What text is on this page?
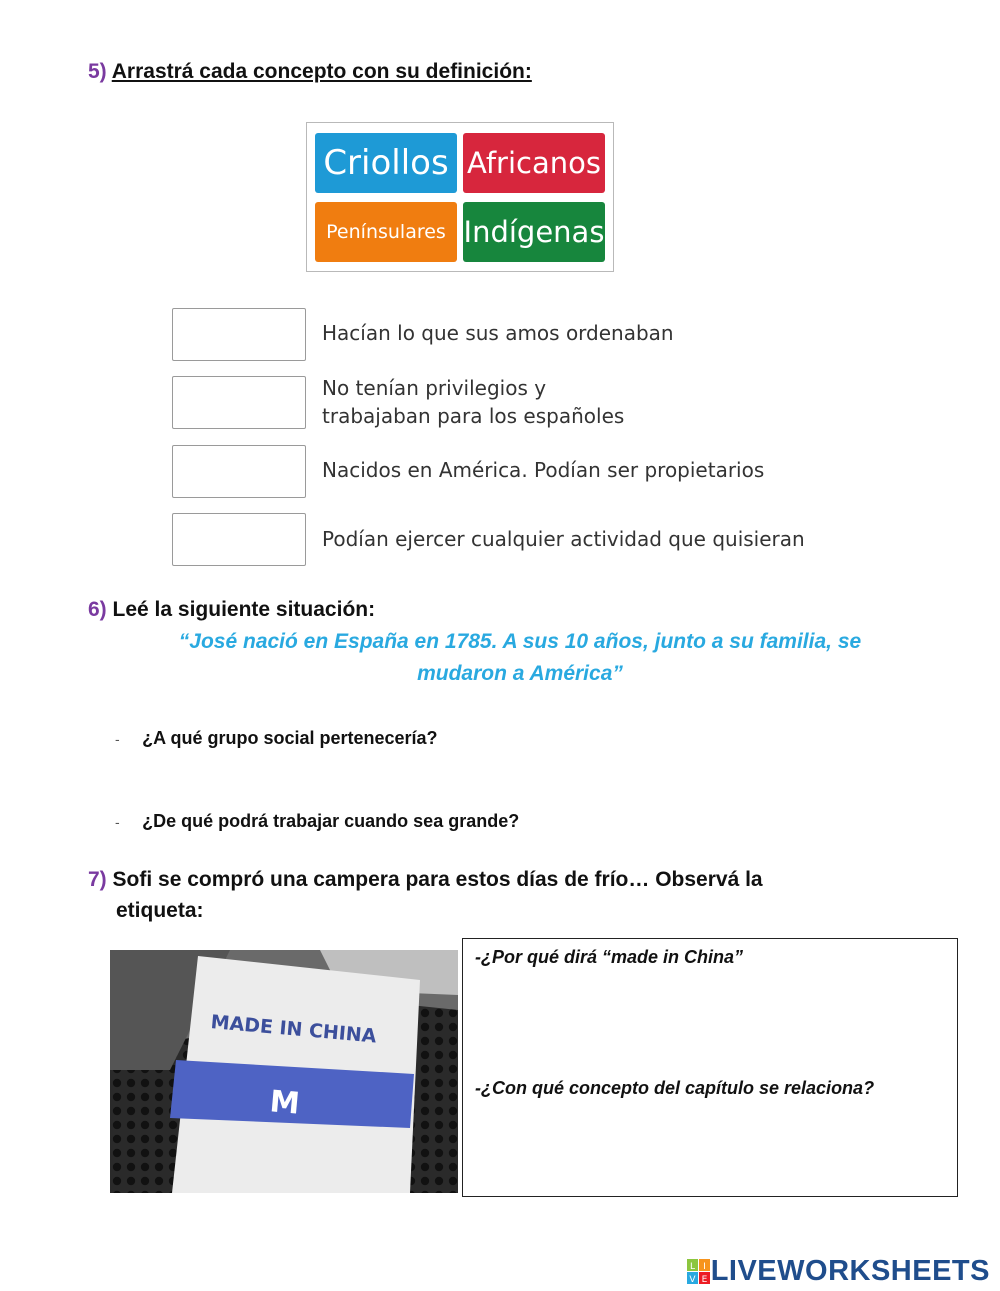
5) Arrastrá cada concepto con su definición:
Criollos Africanos
Penínsulares Indígenas
Hacían lo que sus amos ordenaban
No tenían privilegios y
trabajaban para los españoles
Nacidos en América. Podían ser propietarios
Podían ejercer cualquier actividad que quisieran
6) Leé la siguiente situación:
“José nació en España en 1785. A sus 10 años, junto a su familia, se
mudaron a América”
- ¿A qué grupo social pertenecería?
- ¿De qué podrá trabajar cuando sea grande?
7) Sofi se compró una campera para estos días de frío… Observá la
etiqueta:
MADE IN CHINA
M
-¿Por qué dirá “made in China”
-¿Con qué concepto del capítulo se relaciona?
L I
V E LIVEWORKSHEETS
